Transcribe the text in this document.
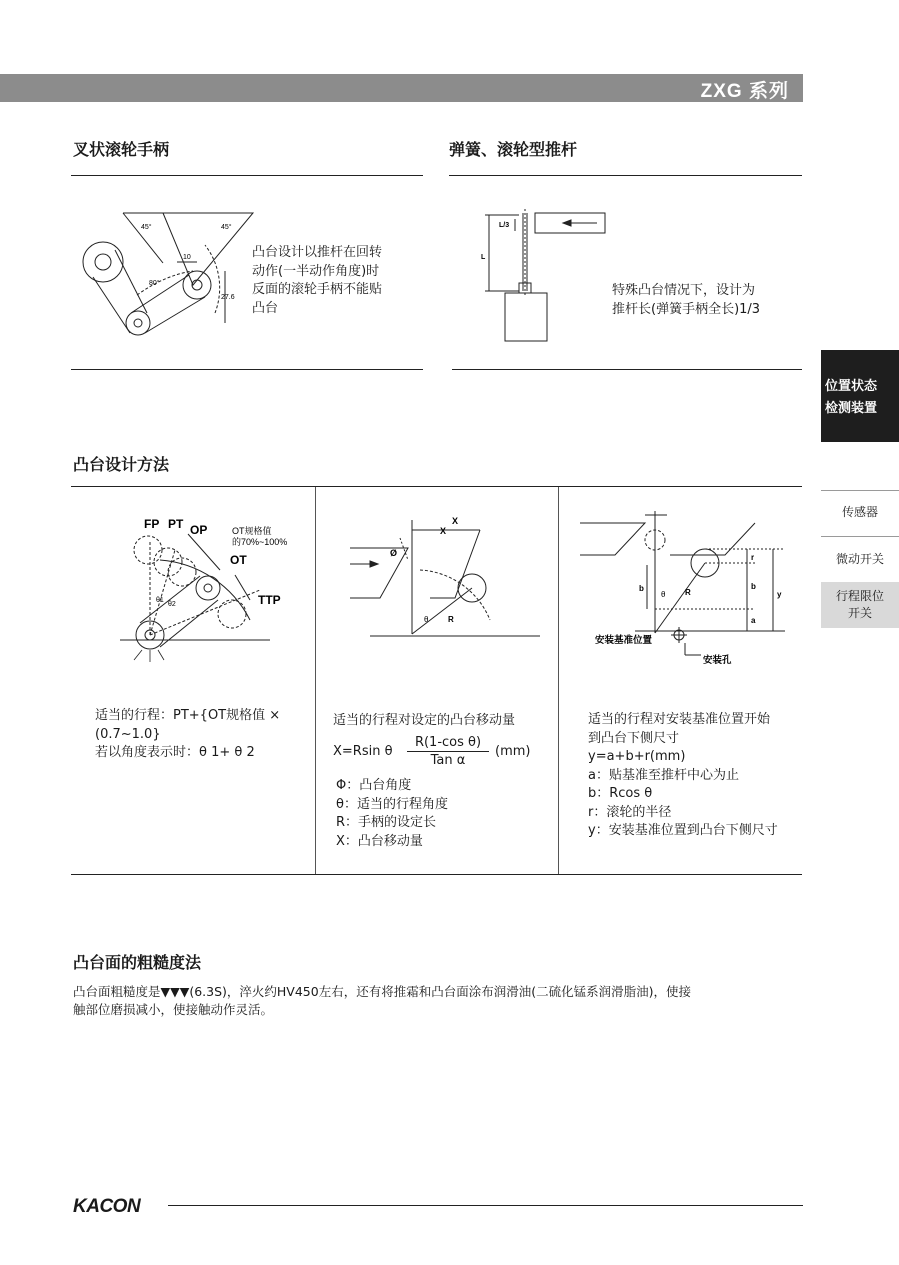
ZXG 系列
位置状态
检测装置
传感器
微动开关
行程限位
开关
叉状滚轮手柄
45°	45°
10
80°
27.6
凸台设计以推杆在回转
动作(一半动作角度)时
反面的滚轮手柄不能贴
凸台
弹簧、滚轮型推杆
L/3
L
特殊凸台情况下，设计为
推杆长(弹簧手柄全长)1/3
凸台设计方法
FP PT OP
OT
TTP
OT规格值
的70%~100%
θ1
θ2
适当的行程：PT+{OT规格值 ×
(0.7~1.0}
若以角度表示时：θ 1+ θ 2
X
X
Ø
θ R
适当的行程对设定的凸台移动量
X=Rsin θ
R(1-cos θ)
Tan α
(mm)
Φ：凸台角度
θ：适当的行程角度
R：手柄的设定长
X：凸台移动量
r
b
a
y
b
θ R
安装基准位置
安装孔
适当的行程对安装基准位置开始
到凸台下侧尺寸
y=a+b+r(mm)
a：贴基准至推杆中心为止
b：Rcos θ
r：滚轮的半径
y：安装基准位置到凸台下侧尺寸
凸台面的粗糙度法
凸台面粗糙度是▼▼▼(6.3S)，淬火约HV450左右，还有将推霜和凸台面涂布润滑油(二硫化锰系润滑脂油)，使接
触部位磨损减小，使接触动作灵活。
KACON
